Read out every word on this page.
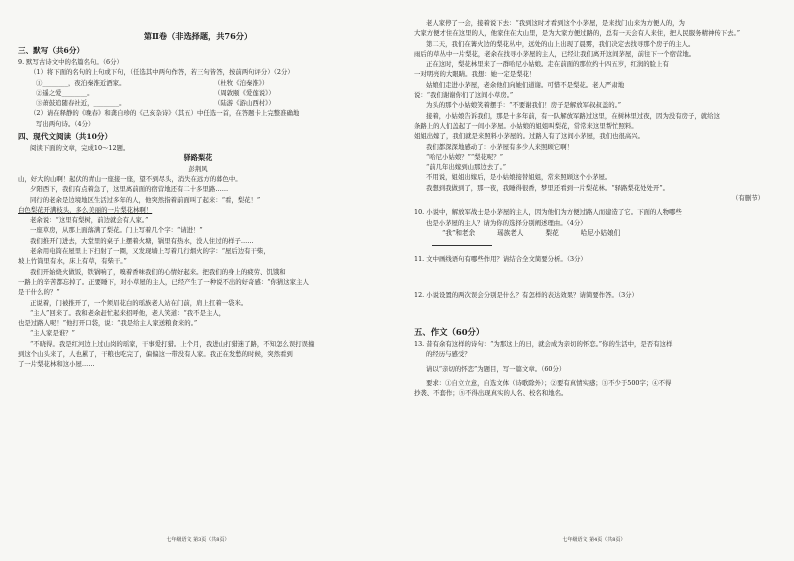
第Ⅱ卷（非选择题，共76分）
三、默写（共6分）
9. 默写古诗文中的名篇名句。（6分）
（1）将下面的名句的上句或下句，（任选其中两句作答，若三句皆答，按前两句评分）（2分）
①________，夜泊秦淮近酒家。	（杜牧《泊秦淮》）
②遥之爱________。	（周敦颐《爱莲说》）
③萧鼓追随春社近，________。	（陆游《游山西村》）
（2）请在释静的《晚春》和龚自珍的《己亥杂诗》（其五）中任选一首，在答题卡上完整准确地
写出两句诗。（4分）
四、现代文阅读（共10分）
阅读下面的文章，完成10～12题。
驿路梨花
彭荆风
山，好大的山啊！起伏的青山一座接一座，望不到尽头，消失在远方的暮色中。
夕阳西下，我们有点着急了，这里离前面的宿营地还有二十多里路……
同行的老余是边境地区生活过多年的人，他突然指着前面叫了起来：“看，梨花！”
白色梨花开满枝头，多么美丽的一片梨花林啊！
老余说：“这里有梨树，前边就会有人家。”
一座草房，从那上面落满了梨花。门上写着几个字：“请进！”
我们推开门进去，大堂里的桌子上摆着火塘，锅里有热水，没人住过的样子……
老余用电筒在屋里上下扫射了一圈，又发现墙上写着几行烟火的字：“屋后边有干柴，
坡上竹筒里有水，床上有草，有柴干。”
我们开始烧火做饭，铁锅响了，嗅着香味我们的心情好起来。把我们的身上的疲劳、饥饿和
一路上的辛苦都忘掉了。正要睡下，对小草屋的主人，已经产生了一种说不出的好奇感：“你猜这家主人
是干什么的？”
正说着，门被推开了，一个须眉花白的瑶族老人站在门前，肩上扛着一袋米。
“主人”回来了。我和老余赶忙起来招呼他，老人笑道：“我不是主人，
也是过路人呢！”他打开口袋，说：“我是给主人家送粮食来的。”
“主人家是谁？”
“不晓得。我是红河边上过山岗的瑶家，干事爱打猎。上个月，我进山打猎迷了路，不知怎么误打误撞
到这个山头来了，人也累了，干粮也吃完了，偏偏这一带没有人家。我正在发愁的时候，突然看到
了一片梨花林和这小屋……
七年级语文 第3页（共8页）
老人家停了一会，接着说下去：“我到这时才看到这个小茅屋，是来找门山来为方便人的，为
大家方便才住在这里的人，他家住在大山里，是为大家方便过路的，总有一天会有人来住，把人民服务精神传下去。”
第二天，我们在篝火边的梨花丛中，远处的山上出现了晨雾，我们决定去找寻那个房子的主人。
雨后的草丛中一片梨花，老余在找寻小茅屋的主人，已经让我们离开这间茅屋，前往下一个宿营地。
正在这时，梨花林里来了一群哈尼小姑娘。走在前面的那位约十四五岁，红润的脸上有
一对明亮的大眼睛。我想：她一定是梨花！
姑娘们走进小茅屋，老余他们向她们道谢。可惜不是梨花。老人严肃地
说：“我们谢谢你们了这间小草房。”
为头的那个小姑娘笑着摆手：“不要谢我们！房子是解放军叔叔盖的。”
接着，小姑娘告诉我们，那是十多年前，有一队解放军路过这里，在树林里过夜，因为没有房子，就给这
条路上的人们盖起了一间小茅屋。小姑娘的姐姐叫梨花，常常来这里帮忙照料。
姐姐出嫁了，我们就是来照料小茅屋的。过路人有了这间小茅屋，我们也很高兴。
我们都深深地感动了：小茅屋有多少人来照顾它啊！
“哈尼小姑娘？”“梨花呢？”
“前几年出嫁到山那边去了。”
不用说，姐姐出嫁后，是小姑娘接替姐姐，常来照顾这个小茅屋。
我想到我做到了，那一夜，我睡得很香，梦里还看到一片梨花林。“驿路梨花处处开”。
（有删节）
10. 小说中，解放军战士是小茅屋的主人，因为他们为方便过路人而建造了它。下面的人物哪些
也是小茅屋的主人？请为你的选择分别阐述理由。（4分）
“我”和老余	瑶族老人	梨花	哈尼小姑娘们
11. 文中画线语句有哪些作用？请结合全文简要分析。（3分）
12. 小说设置的两次误会分别是什么？有怎样的表达效果？请简要作答。（3分）
五、作文（60分）
13. 昔有余有这样的诗句：“为那这上的日，就会成为亲切的怀恋。”你的生活中，是否有这样
的经历与感受？
请以“亲切的怀恋”为题目，写一篇文章。（60分）
要求：①自立立意，自选文体（诗歌除外）；②要有真情实感；③不少于500字；④不得
抄袭、不套作；⑤不得出现真实的人名、校名和地名。
七年级语文 第4页（共8页）
